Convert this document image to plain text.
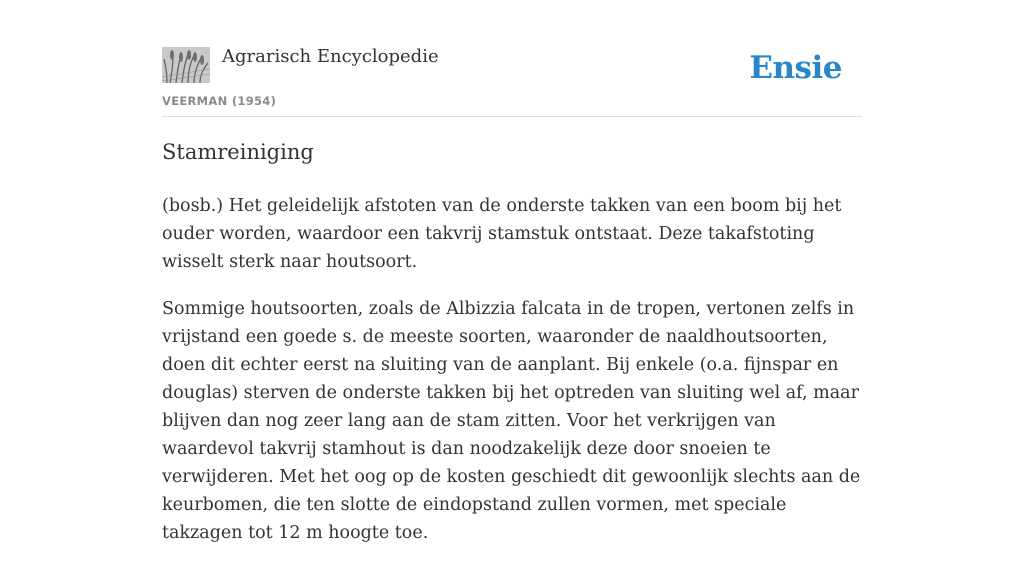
Agrarisch Encyclopedie
VEERMAN (1954)
Ensie
Stamreiniging

(bosb.) Het geleidelijk afstoten van de onderste takken van een boom bij het ouder worden, waardoor een takvrij stamstuk ontstaat. Deze takafstoting wisselt sterk naar houtsoort.

Sommige houtsoorten, zoals de Albizzia falcata in de tropen, vertonen zelfs in vrijstand een goede s. de meeste soorten, waaronder de naaldhoutsoorten, doen dit echter eerst na sluiting van de aanplant. Bij enkele (o.a. fijnspar en douglas) sterven de onderste takken bij het optreden van sluiting wel af, maar blijven dan nog zeer lang aan de stam zitten. Voor het verkrijgen van waardevol takvrij stamhout is dan noodzakelijk deze door snoeien te verwijderen. Met het oog op de kosten geschiedt dit gewoonlijk slechts aan de keurbomen, die ten slotte de eindopstand zullen vormen, met speciale takzagen tot 12 m hoogte toe.
